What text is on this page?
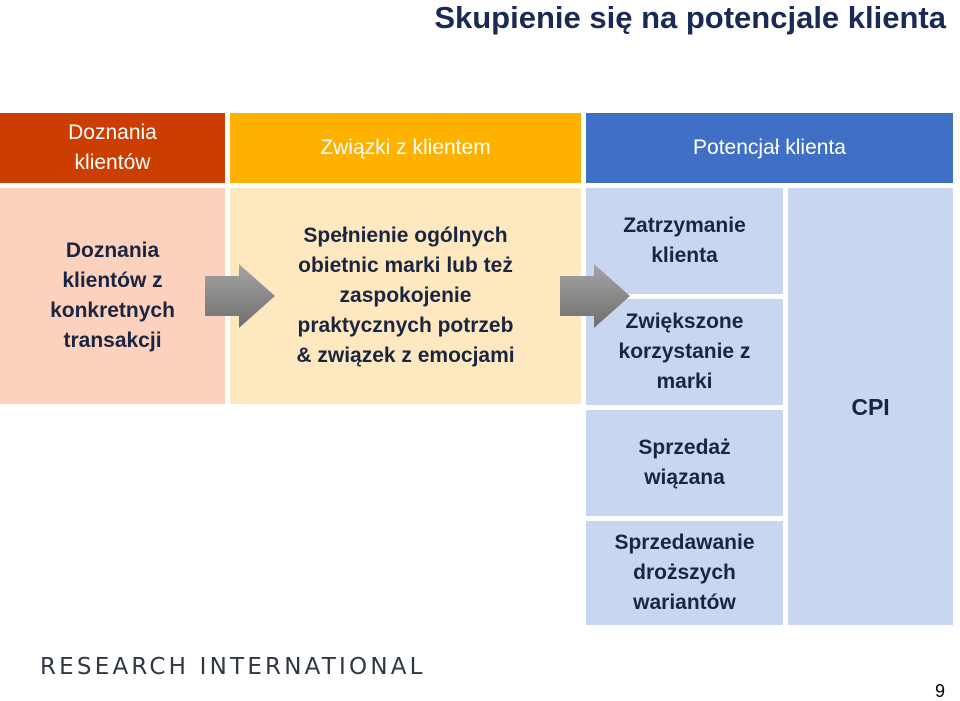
Skupienie się na potencjale klienta
Doznania
klientów
Związki z klientem	Potencjał klienta
Doznania
klientów z
konkretnych
transakcji
Spełnienie ogólnych
obietnic marki lub też
zaspokojenie
praktycznych potrzeb
& związek z emocjami
Zatrzymanie
klienta
Zwiększone
korzystanie z
marki
Sprzedaż
wiązana
Sprzedawanie
droższych
wariantów
CPI
RESEARCH INTERNATIONAL
9
